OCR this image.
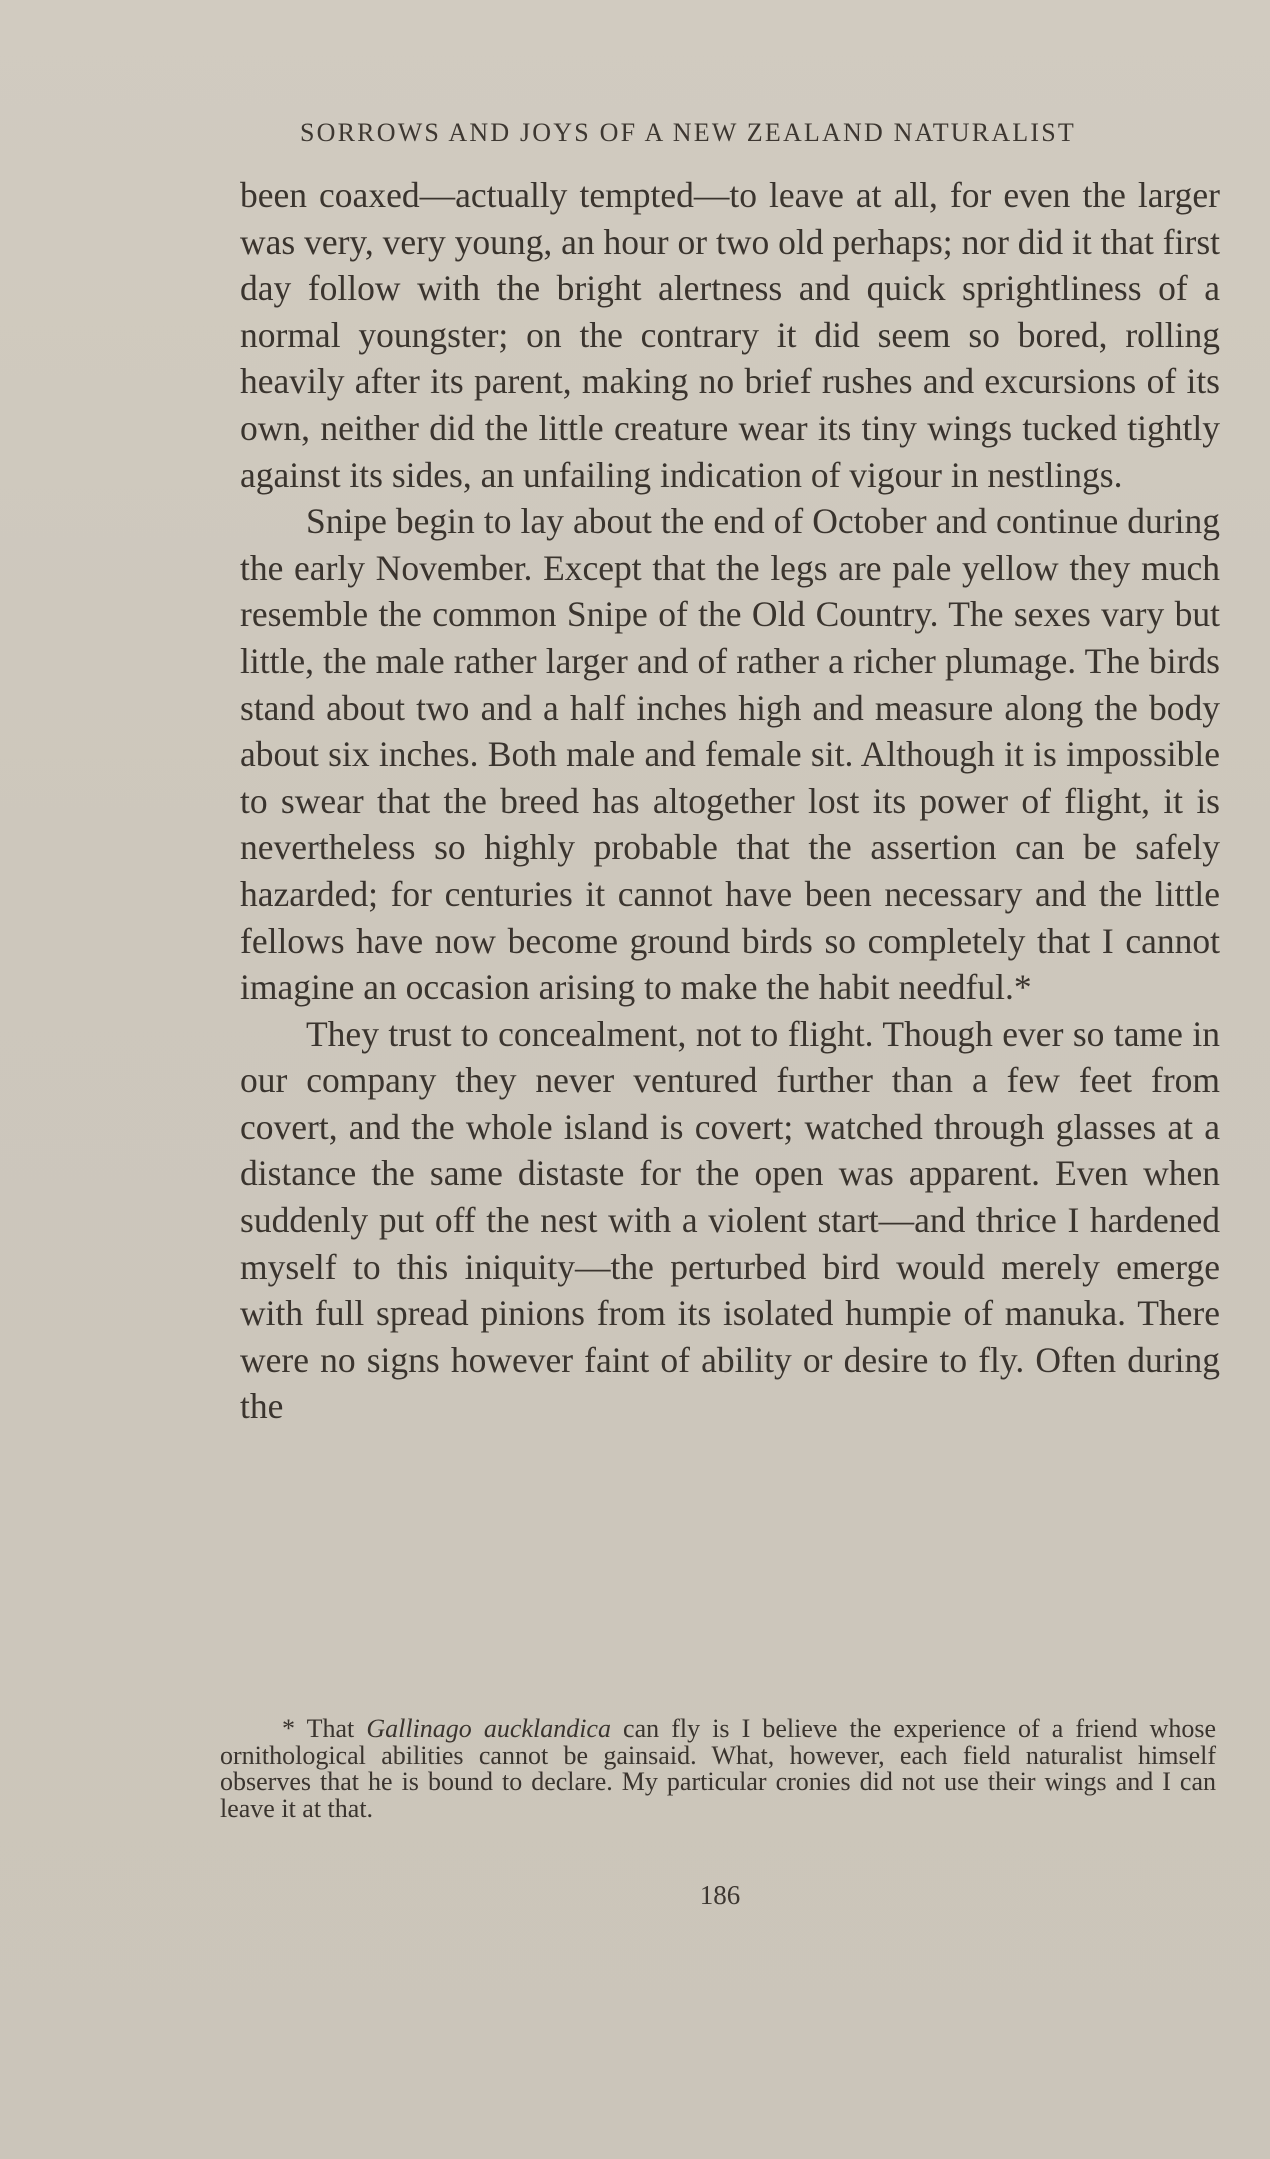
SORROWS AND JOYS OF A NEW ZEALAND NATURALIST

been coaxed—actually tempted—to leave at all, for even the larger was very, very young, an hour or two old perhaps; nor did it that first day follow with the bright alertness and quick sprightliness of a normal youngster; on the contrary it did seem so bored, rolling heavily after its parent, making no brief rushes and excursions of its own, neither did the little creature wear its tiny wings tucked tightly against its sides, an unfailing indication of vigour in nestlings.

Snipe begin to lay about the end of October and continue during the early November. Except that the legs are pale yellow they much resemble the common Snipe of the Old Country. The sexes vary but little, the male rather larger and of rather a richer plumage. The birds stand about two and a half inches high and measure along the body about six inches. Both male and female sit. Although it is impossible to swear that the breed has altogether lost its power of flight, it is nevertheless so highly probable that the assertion can be safely hazarded; for centuries it cannot have been necessary and the little fellows have now become ground birds so completely that I cannot imagine an occasion arising to make the habit needful.*

They trust to concealment, not to flight. Though ever so tame in our company they never ventured further than a few feet from covert, and the whole island is covert; watched through glasses at a distance the same distaste for the open was apparent. Even when suddenly put off the nest with a violent start—and thrice I hardened myself to this iniquity—the perturbed bird would merely emerge with full spread pinions from its isolated humpie of manuka. There were no signs however faint of ability or desire to fly. Often during the

* That Gallinago aucklandica can fly is I believe the experience of a friend whose ornithological abilities cannot be gainsaid. What, however, each field naturalist himself observes that he is bound to declare. My particular cronies did not use their wings and I can leave it at that.

186
